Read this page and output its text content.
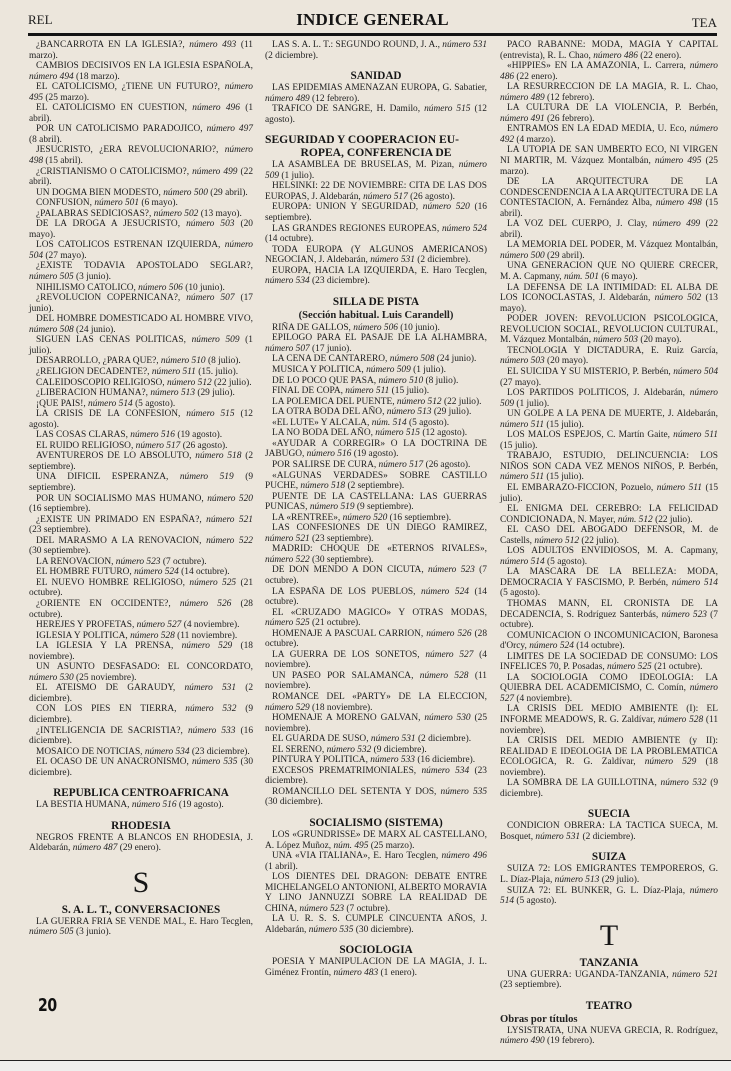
REL	INDICE GENERAL	TEA

¿BANCARROTA EN LA IGLESIA?, número 493 (11 marzo).

CAMBIOS DECISIVOS EN LA IGLESIA ESPAÑOLA, número 494 (18 marzo).

EL CATOLICISMO, ¿TIENE UN FUTURO?, número 495 (25 marzo).

EL CATOLICISMO EN CUESTION, número 496 (1 abril).

POR UN CATOLICISMO PARADOJICO, número 497 (8 abril).

JESUCRISTO, ¿ERA REVOLUCIONARIO?, número 498 (15 abril).

¿CRISTIANISMO O CATOLICISMO?, número 499 (22 abril).

UN DOGMA BIEN MODESTO, número 500 (29 abril).

CONFUSION, número 501 (6 mayo).

¿PALABRAS SEDICIOSAS?, número 502 (13 mayo).

DE LA DROGA A JESUCRISTO, número 503 (20 mayo).

LOS CATOLICOS ESTRENAN IZQUIERDA, número 504 (27 mayo).

¿EXISTE TODAVIA APOSTOLADO SEGLAR?, número 505 (3 junio).

NIHILISMO CATOLICO, número 506 (10 junio).

¿REVOLUCION COPERNICANA?, número 507 (17 junio).

DEL HOMBRE DOMESTICADO AL HOMBRE VIVO, número 508 (24 junio).

SIGUEN LAS CENAS POLITICAS, número 509 (1 julio).

DESARROLLO, ¿PARA QUE?, número 510 (8 julio).

¿RELIGION DECADENTE?, número 511 (15. julio).

CALEIDOSCOPIO RELIGIOSO, número 512 (22 julio).

¿LIBERACION HUMANA?, número 513 (29 julio).

¡QUE PAIS!, número 514 (5 agosto).

LA CRISIS DE LA CONFESION, número 515 (12 agosto).

LAS COSAS CLARAS, número 516 (19 agosto).

EL RUIDO RELIGIOSO, número 517 (26 agosto).

AVENTUREROS DE LO ABSOLUTO, número 518 (2 septiembre).

UNA DIFICIL ESPERANZA, número 519 (9 septiembre).

POR UN SOCIALISMO MAS HUMANO, número 520 (16 septiembre).

¿EXISTE UN PRIMADO EN ESPAÑA?, número 521 (23 septiembre).

DEL MARASMO A LA RENOVACION, número 522 (30 septiembre).

LA RENOVACION, número 523 (7 octubre).

EL HOMBRE FUTURO, número 524 (14 octubre).

EL NUEVO HOMBRE RELIGIOSO, número 525 (21 octubre).

¿ORIENTE EN OCCIDENTE?, número 526 (28 octubre).

HEREJES Y PROFETAS, número 527 (4 noviembre).

IGLESIA Y POLITICA, número 528 (11 noviembre).

LA IGLESIA Y LA PRENSA, número 529 (18 noviembre).

UN ASUNTO DESFASADO: EL CONCORDATO, número 530 (25 noviembre).

EL ATEISMO DE GARAUDY, número 531 (2 diciembre).

CON LOS PIES EN TIERRA, número 532 (9 diciembre).

¿INTELIGENCIA DE SACRISTIA?, número 533 (16 diciembre).

MOSAICO DE NOTICIAS, número 534 (23 diciembre).

EL OCASO DE UN ANACRONISMO, número 535 (30 diciembre).

REPUBLICA CENTROAFRICANA

LA BESTIA HUMANA, número 516 (19 agosto).

RHODESIA

NEGROS FRENTE A BLANCOS EN RHODESIA, J. Aldebarán, número 487 (29 enero).

S
S. A. L. T., CONVERSACIONES

LA GUERRA FRIA SE VENDE MAL, E. Haro Tecglen, número 505 (3 junio).

LAS S. A. L. T.: SEGUNDO ROUND, J. A., número 531 (2 diciembre).

SANIDAD

LAS EPIDEMIAS AMENAZAN EUROPA, G. Sabatier, número 489 (12 febrero).

TRAFICO DE SANGRE, H. Damilo, número 515 (12 agosto).

SEGURIDAD Y COOPERACION EU-
ROPEA, CONFERENCIA DE

LA ASAMBLEA DE BRUSELAS, M. Pizan, número 509 (1 julio).

HELSINKI: 22 DE NOVIEMBRE: CITA DE LAS DOS EUROPAS, J. Aldebarán, número 517 (26 agosto).

EUROPA: UNION Y SEGURIDAD, número 520 (16 septiembre).

LAS GRANDES REGIONES EUROPEAS, número 524 (14 octubre).

TODA EUROPA (Y ALGUNOS AMERICANOS) NEGOCIAN, J. Aldebarán, número 531 (2 diciembre).

EUROPA, HACIA LA IZQUIERDA, E. Haro Tecglen, número 534 (23 diciembre).

SILLA DE PISTA
(Sección habitual. Luis Carandell)

RIÑA DE GALLOS, número 506 (10 junio).

EPILOGO PARA EL PASAJE DE LA ALHAMBRA, número 507 (17 junio).

LA CENA DE CANTARERO, número 508 (24 junio).

MUSICA Y POLITICA, número 509 (1 julio).

DE LO POCO QUE PASA, número 510 (8 julio).

FINAL DE COPA, número 511 (15 julio).

LA POLEMICA DEL PUENTE, número 512 (22 julio).

LA OTRA BODA DEL AÑO, número 513 (29 julio).

«EL LUTE» Y ALCALA, núm. 514 (5 agosto).

LA NO BODA DEL AÑO, número 515 (12 agosto).

«AYUDAR A CORREGIR» O LA DOCTRINA DE JABUGO, número 516 (19 agosto).

POR SALIRSE DE CURA, número 517 (26 agosto).

«ALGUNAS VERDADES» SOBRE CASTILLO PUCHE, número 518 (2 septiembre).

PUENTE DE LA CASTELLANA: LAS GUERRAS PUNICAS, número 519 (9 septiembre).

LA «RENTREE», número 520 (16 septiembre).

LAS CONFESIONES DE UN DIEGO RAMIREZ, número 521 (23 septiembre).

MADRID: CHOQUE DE «ETERNOS RIVALES», número 522 (30 septiembre).

DE DON MENDO A DON CICUTA, número 523 (7 octubre).

LA ESPAÑA DE LOS PUEBLOS, número 524 (14 octubre).

EL «CRUZADO MAGICO» Y OTRAS MODAS, número 525 (21 octubre).

HOMENAJE A PASCUAL CARRION, número 526 (28 octubre).

LA GUERRA DE LOS SONETOS, número 527 (4 noviembre).

UN PASEO POR SALAMANCA, número 528 (11 noviembre).

ROMANCE DEL «PARTY» DE LA ELECCION, número 529 (18 noviembre).

HOMENAJE A MORENO GALVAN, número 530 (25 noviembre).

EL GUARDA DE SUSO, número 531 (2 diciembre).

EL SERENO, número 532 (9 diciembre).

PINTURA Y POLITICA, número 533 (16 diciembre).

EXCESOS PREMATRIMONIALES, número 534 (23 diciembre).

ROMANCILLO DEL SETENTA Y DOS, número 535 (30 diciembre).

SOCIALISMO (SISTEMA)

LOS «GRUNDRISSE» DE MARX AL CASTELLANO, A. López Muñoz, núm. 495 (25 marzo).

UNA «VIA ITALIANA», E. Haro Tecglen, número 496 (1 abril).

LOS DIENTES DEL DRAGON: DEBATE ENTRE MICHELANGELO ANTONIONI, ALBERTO MORAVIA Y LINO JANNUZZI SOBRE LA REALIDAD DE CHINA, número 523 (7 octubre).

LA U. R. S. S. CUMPLE CINCUENTA AÑOS, J. Aldebarán, número 535 (30 diciembre).

SOCIOLOGIA

POESIA Y MANIPULACION DE LA MAGIA, J. L. Giménez Frontín, número 483 (1 enero).

PACO RABANNE: MODA, MAGIA Y CAPITAL (entrevista), R. L. Chao, número 486 (22 enero).

«HIPPIES» EN LA AMAZONIA, L. Carrera, número 486 (22 enero).

LA RESURRECCION DE LA MAGIA, R. L. Chao, número 489 (12 febrero).

LA CULTURA DE LA VIOLENCIA, P. Berbén, número 491 (26 febrero).

ENTRAMOS EN LA EDAD MEDIA, U. Eco, número 492 (4 marzo).

LA UTOPIA DE SAN UMBERTO ECO, NI VIRGEN NI MARTIR, M. Vázquez Montalbán, número 495 (25 marzo).

DE LA ARQUITECTURA DE LA CONDESCENDENCIA A LA ARQUITECTURA DE LA CONTESTACION, A. Fernández Alba, número 498 (15 abril).

LA VOZ DEL CUERPO, J. Clay, número 499 (22 abril).

LA MEMORIA DEL PODER, M. Vázquez Montalbán, número 500 (29 abril).

UNA GENERACION QUE NO QUIERE CRECER, M. A. Capmany, núm. 501 (6 mayo).

LA DEFENSA DE LA INTIMIDAD: EL ALBA DE LOS ICONOCLASTAS, J. Aldebarán, número 502 (13 mayo).

PODER JOVEN: REVOLUCION PSICOLOGICA, REVOLUCION SOCIAL, REVOLUCION CULTURAL, M. Vázquez Montalbán, número 503 (20 mayo).

TECNOLOGIA Y DICTADURA, E. Ruiz García, número 503 (20 mayo).

EL SUICIDA Y SU MISTERIO, P. Berbén, número 504 (27 mayo).

LOS PARTIDOS POLITICOS, J. Aldebarán, número 509 (1 julio).

UN GOLPE A LA PENA DE MUERTE, J. Aldebarán, número 511 (15 julio).

LOS MALOS ESPEJOS, C. Martín Gaite, número 511 (15 julio).

TRABAJO, ESTUDIO, DELINCUENCIA: LOS NIÑOS SON CADA VEZ MENOS NIÑOS, P. Berbén, número 511 (15 julio).

EL EMBARAZO-FICCION, Pozuelo, número 511 (15 julio).

EL ENIGMA DEL CEREBRO: LA FELICIDAD CONDICIONADA, N. Mayer, núm. 512 (22 julio).

EL CASO DEL ABOGADO DEFENSOR, M. de Castells, número 512 (22 julio).

LOS ADULTOS ENVIDIOSOS, M. A. Capmany, número 514 (5 agosto).

LA MASCARA DE LA BELLEZA: MODA, DEMOCRACIA Y FASCISMO, P. Berbén, número 514 (5 agosto).

THOMAS MANN, EL CRONISTA DE LA DECADENCIA, S. Rodríguez Santerbás, número 523 (7 octubre).

COMUNICACION O INCOMUNICACION, Baronesa d'Orcy, número 524 (14 octubre).

LIMITES DE LA SOCIEDAD DE CONSUMO: LOS INFELICES 70, P. Posadas, número 525 (21 octubre).

LA SOCIOLOGIA COMO IDEOLOGIA: LA QUIEBRA DEL ACADEMICISMO, C. Comín, número 527 (4 noviembre).

LA CRISIS DEL MEDIO AMBIENTE (I): EL INFORME MEADOWS, R. G. Zaldívar, número 528 (11 noviembre).

LA CRISIS DEL MEDIO AMBIENTE (y II): REALIDAD E IDEOLOGIA DE LA PROBLEMATICA ECOLOGICA, R. G. Zaldívar, número 529 (18 noviembre).

LA SOMBRA DE LA GUILLOTINA, número 532 (9 diciembre).

SUECIA

CONDICION OBRERA: LA TACTICA SUECA, M. Bosquet, número 531 (2 diciembre).

SUIZA

SUIZA 72: LOS EMIGRANTES TEMPOREROS, G. L. Díaz-Plaja, número 513 (29 julio).

SUIZA 72: EL BUNKER, G. L. Díaz-Plaja, número 514 (5 agosto).

T
TANZANIA

UNA GUERRA: UGANDA-TANZANIA, número 521 (23 septiembre).

TEATRO
Obras por títulos

LYSISTRATA, UNA NUEVA GRECIA, R. Rodríguez, número 490 (19 febrero).

20
